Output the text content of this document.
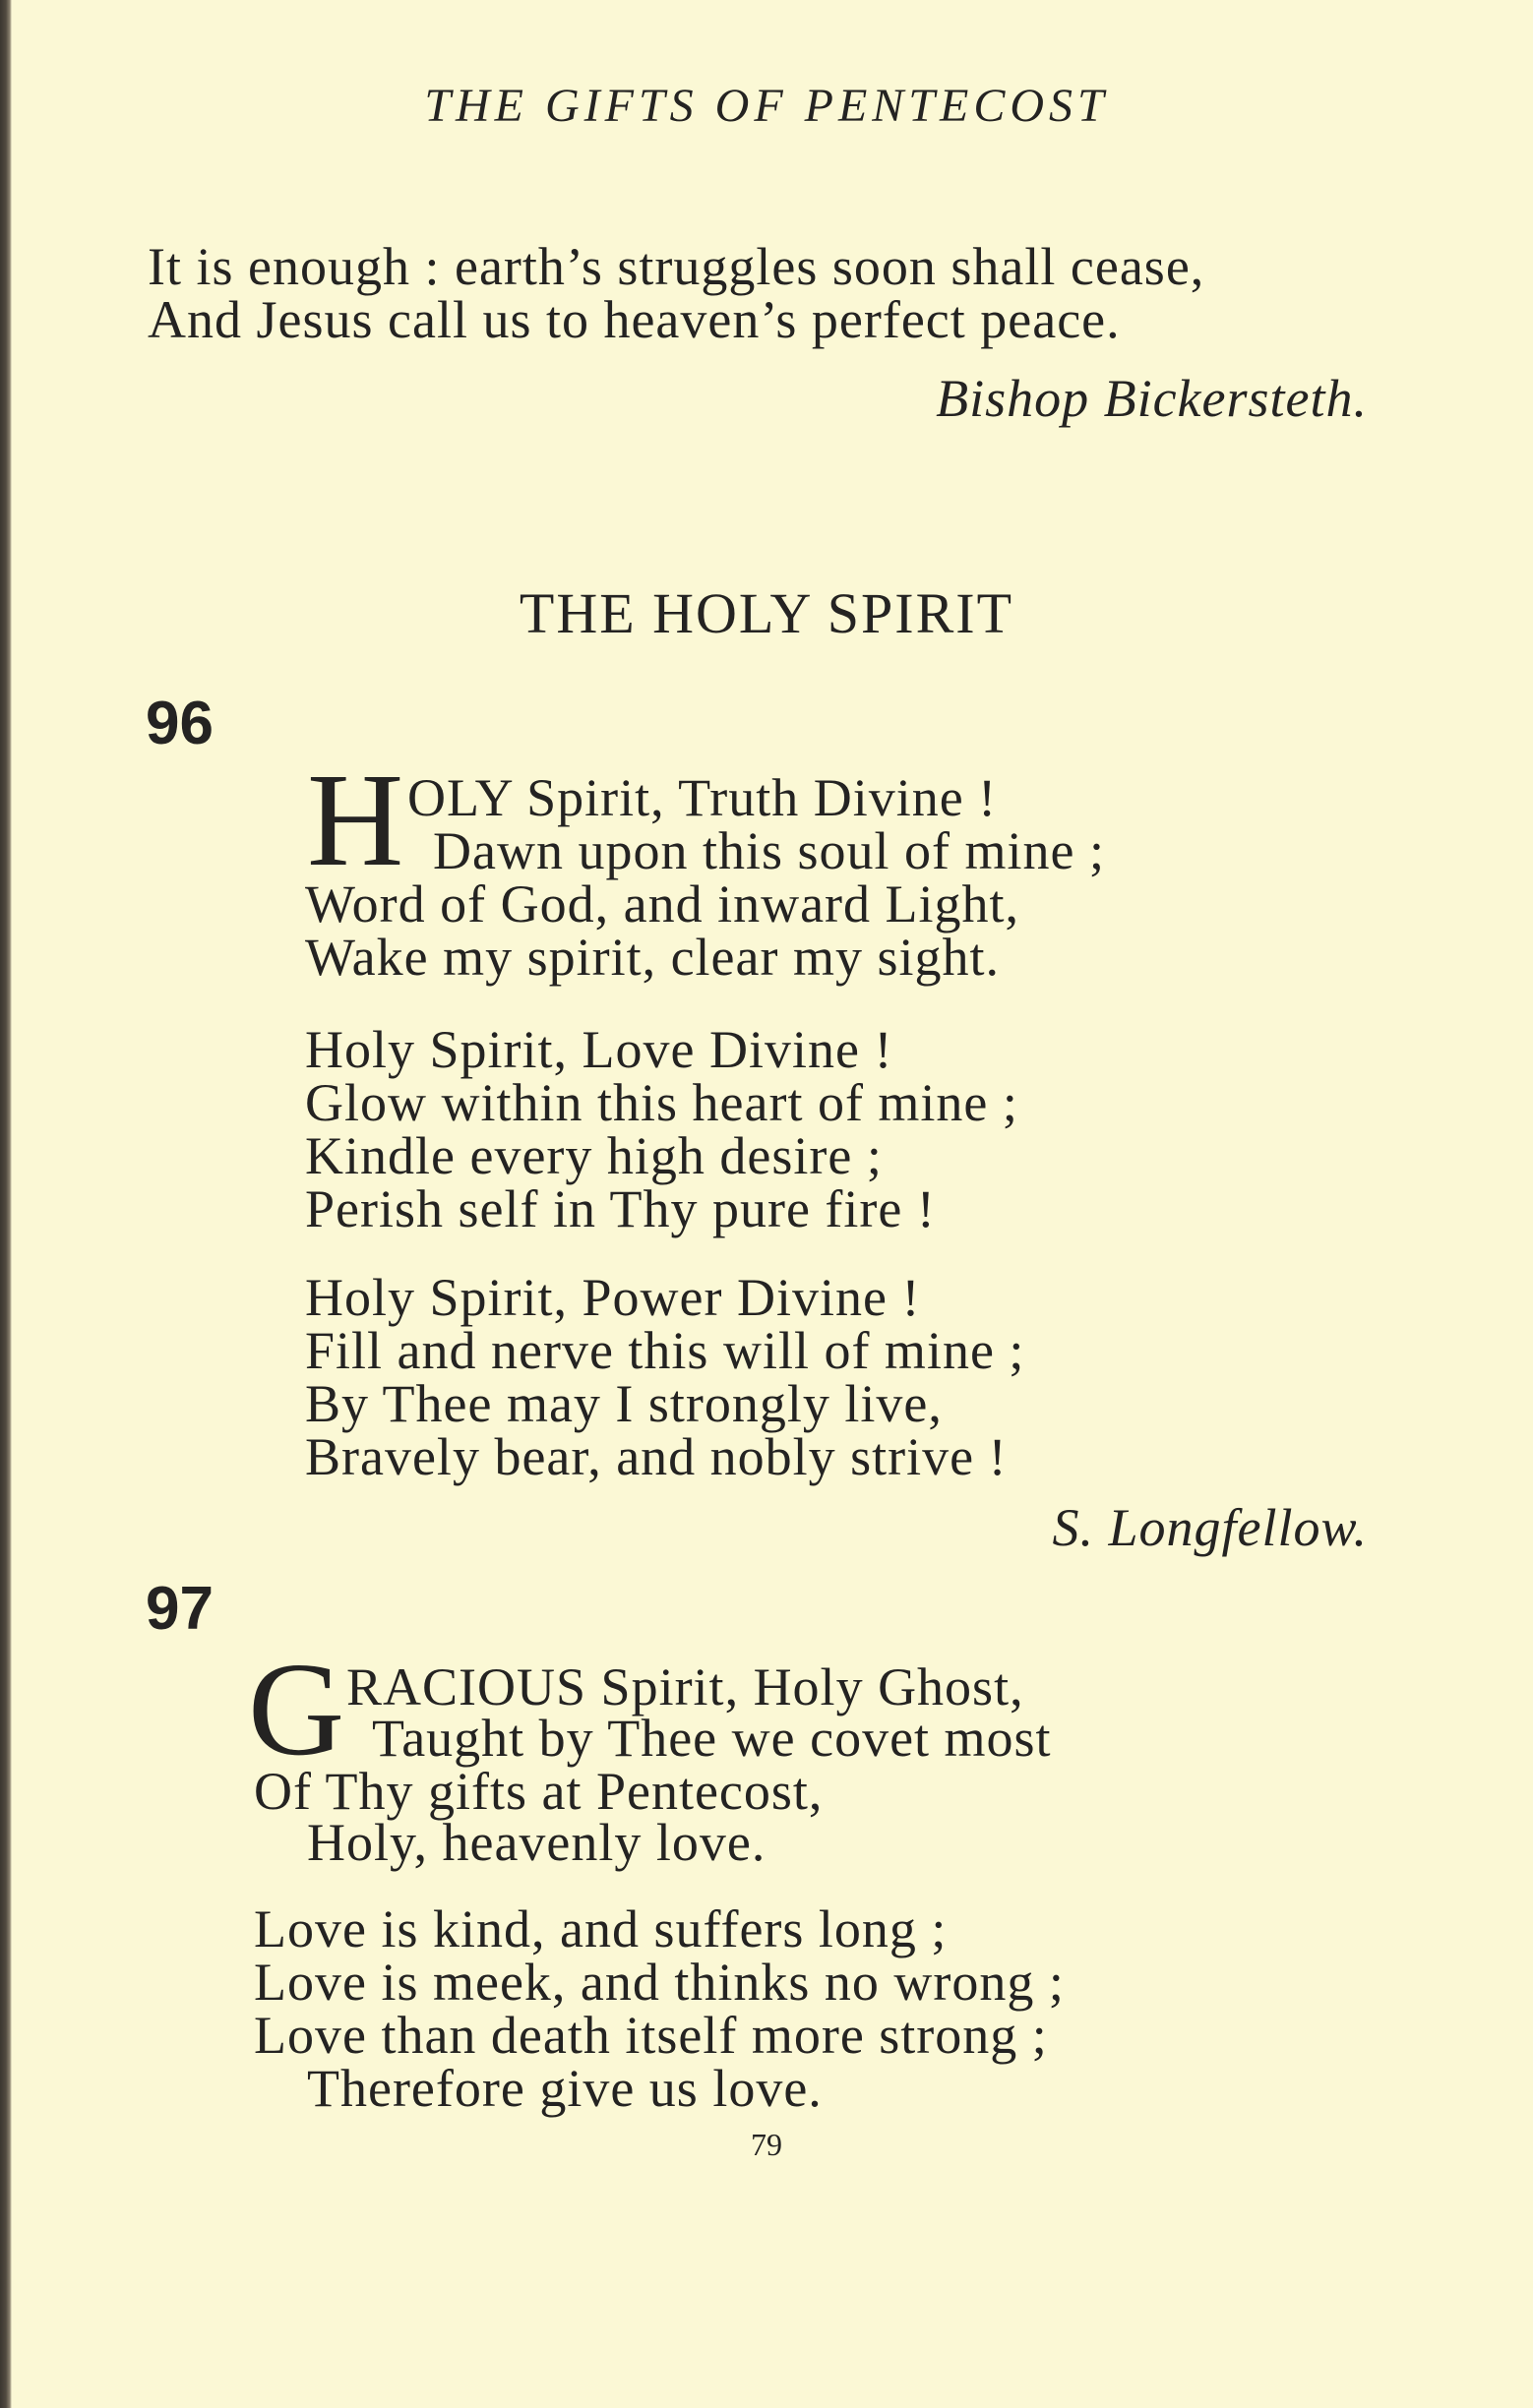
THE GIFTS OF PENTECOST
It is enough : earth’s struggles soon shall cease,
And Jesus call us to heaven’s perfect peace.
Bishop Bickersteth.
THE HOLY SPIRIT
96
H OLY Spirit, Truth Divine !
Dawn upon this soul of mine ;
Word of God, and inward Light,
Wake my spirit, clear my sight.
Holy Spirit, Love Divine !
Glow within this heart of mine ;
Kindle every high desire ;
Perish self in Thy pure fire !
Holy Spirit, Power Divine !
Fill and nerve this will of mine ;
By Thee may I strongly live,
Bravely bear, and nobly strive !
S. Longfellow.
97
G RACIOUS Spirit, Holy Ghost,
Taught by Thee we covet most
Of Thy gifts at Pentecost,
Holy, heavenly love.
Love is kind, and suffers long ;
Love is meek, and thinks no wrong ;
Love than death itself more strong ;
Therefore give us love.
79
